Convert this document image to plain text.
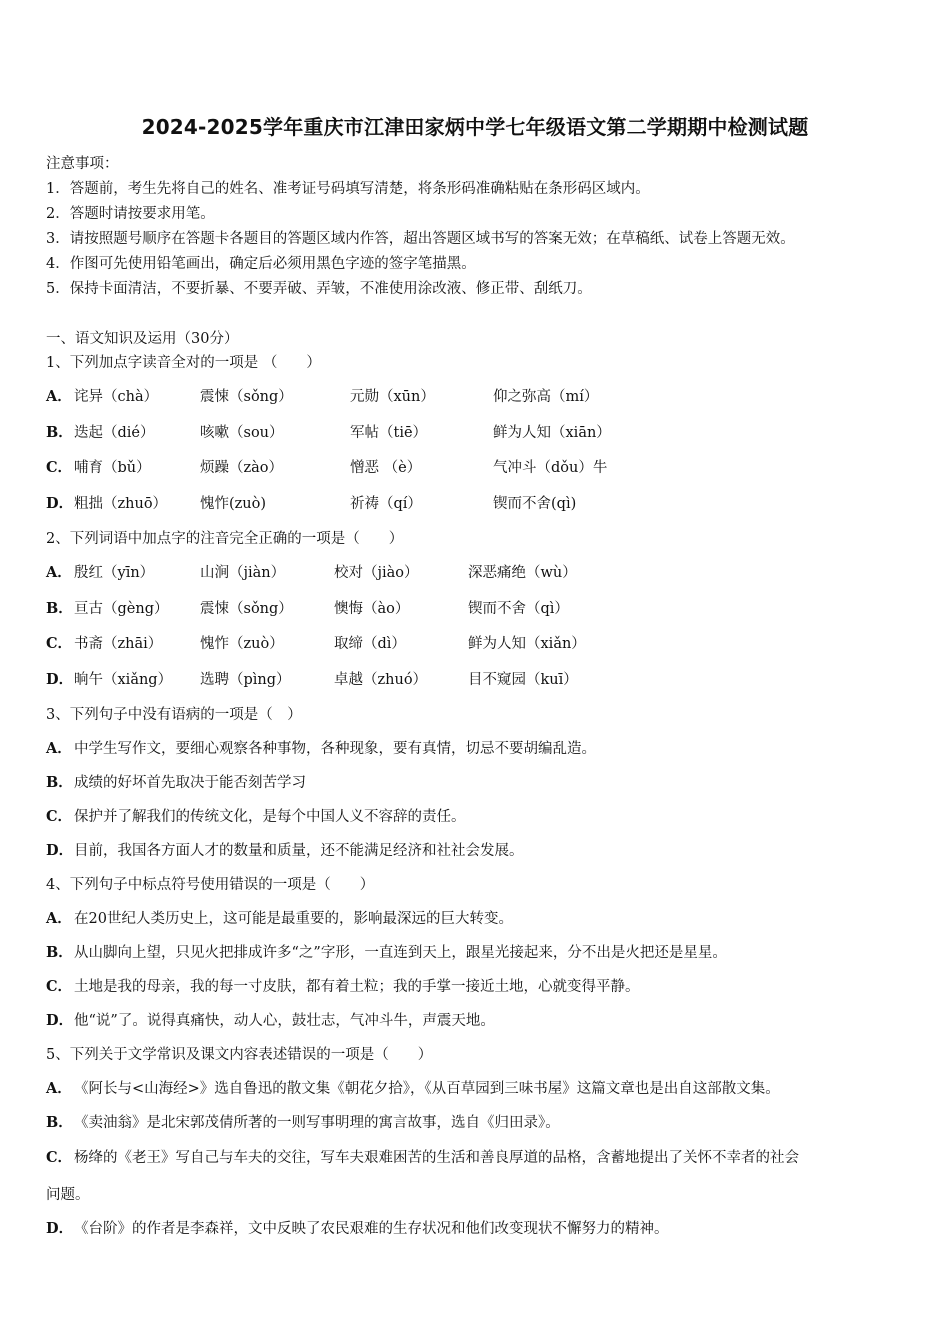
2024-2025学年重庆市江津田家炳中学七年级语文第二学期期中检测试题
注意事项：
1．答题前，考生先将自己的姓名、准考证号码填写清楚，将条形码准确粘贴在条形码区域内。
2．答题时请按要求用笔。
3．请按照题号顺序在答题卡各题目的答题区域内作答，超出答题区域书写的答案无效；在草稿纸、试卷上答题无效。
4．作图可先使用铅笔画出，确定后必须用黑色字迹的签字笔描黑。
5．保持卡面清洁，不要折暴、不要弄破、弄皱，不准使用涂改液、修正带、刮纸刀。
一、语文知识及运用（30分）
1、下列加点字读音全对的一项是 （　　）
A． 诧异（chà）	震悚（sǒng）	元勋（xūn）	仰之弥高（mí）
B． 迭起（dié）	咳嗽（sou）	军帖（tiē）	鲜为人知（xiān）
C． 哺育（bǔ）	烦躁（zào）	憎恶 （è）	气冲斗（dǒu）牛
D． 粗拙（zhuō） 愧怍(zuò)	祈祷（qí）	锲而不舍(qì)
2、下列词语中加点字的注音完全正确的一项是（　　）
A． 殷红（yīn）	山涧（jiàn）	校对（jiào）	深恶痛绝（wù）
B． 亘古（gèng） 震悚（sǒng）	懊悔（ào）	锲而不舍（qì）
C． 书斋（zhāi）	愧怍（zuò）	取缔（dì）	鲜为人知（xiǎn）
D． 晌午（xiǎng） 选聘（pìng）	卓越（zhuó）	目不窥园（kuī）
3、下列句子中没有语病的一项是（　）
A． 中学生写作文，要细心观察各种事物，各种现象，要有真情，切忌不要胡编乱造。
B．成绩的好坏首先取决于能否刻苦学习
C． 保护并了解我们的传统文化，是每个中国人义不容辞的责任。
D．目前，我国各方面人才的数量和质量，还不能满足经济和社社会发展。
4、下列句子中标点符号使用错误的一项是（　　）
A． 在20世纪人类历史上，这可能是最重要的，影响最深远的巨大转变。
B．从山脚向上望，只见火把排成许多“之”字形，一直连到天上，跟星光接起来，分不出是火把还是星星。
C． 土地是我的母亲，我的每一寸皮肤，都有着土粒；我的手掌一接近土地，心就变得平静。
D．他“说”了。说得真痛快，动人心，鼓壮志，气冲斗牛，声震天地。
5、下列关于文学常识及课文内容表述错误的一项是（　　）
A． 《阿长与<山海经>》选自鲁迅的散文集《朝花夕拾》，《从百草园到三味书屋》这篇文章也是出自这部散文集。
B．《卖油翁》是北宋郭茂倩所著的一则写事明理的寓言故事，选自《归田录》。
C． 杨绛的《老王》写自己与车夫的交往，写车夫艰难困苦的生活和善良厚道的品格，含蓄地提出了关怀不幸者的社会
问题。
D．《台阶》的作者是李森祥，文中反映了农民艰难的生存状况和他们改变现状不懈努力的精神。
